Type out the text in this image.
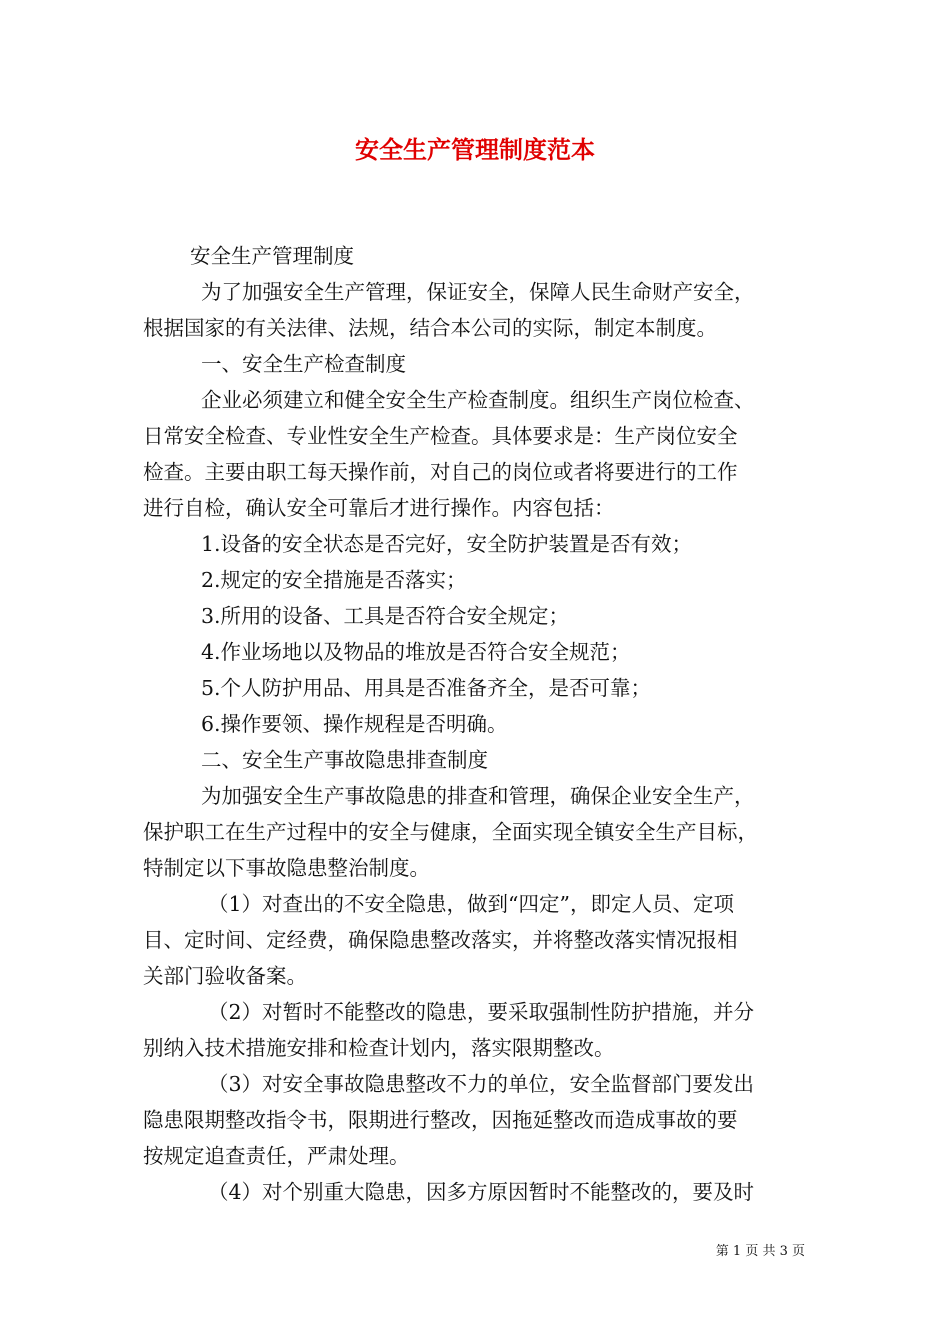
安全生产管理制度范本

安全生产管理制度

为了加强安全生产管理，保证安全，保障人民生命财产安全，

根据国家的有关法律、法规，结合本公司的实际，制定本制度。

一、安全生产检查制度

企业必须建立和健全安全生产检查制度。组织生产岗位检查、

日常安全检查、专业性安全生产检查。具体要求是：生产岗位安全

检查。主要由职工每天操作前，对自己的岗位或者将要进行的工作

进行自检，确认安全可靠后才进行操作。内容包括：

1.设备的安全状态是否完好，安全防护装置是否有效；

2.规定的安全措施是否落实；

3.所用的设备、工具是否符合安全规定；

4.作业场地以及物品的堆放是否符合安全规范；

5.个人防护用品、用具是否准备齐全，是否可靠；

6.操作要领、操作规程是否明确。

二、安全生产事故隐患排查制度

为加强安全生产事故隐患的排查和管理，确保企业安全生产，

保护职工在生产过程中的安全与健康，全面实现全镇安全生产目标，

特制定以下事故隐患整治制度。

（1）对查出的不安全隐患，做到“四定”，即定人员、定项

目、定时间、定经费，确保隐患整改落实，并将整改落实情况报相

关部门验收备案。

（2）对暂时不能整改的隐患，要采取强制性防护措施，并分

别纳入技术措施安排和检查计划内，落实限期整改。

（3）对安全事故隐患整改不力的单位，安全监督部门要发出

隐患限期整改指令书，限期进行整改，因拖延整改而造成事故的要

按规定追查责任，严肃处理。

（4）对个别重大隐患，因多方原因暂时不能整改的，要及时

第 1 页 共 3 页
